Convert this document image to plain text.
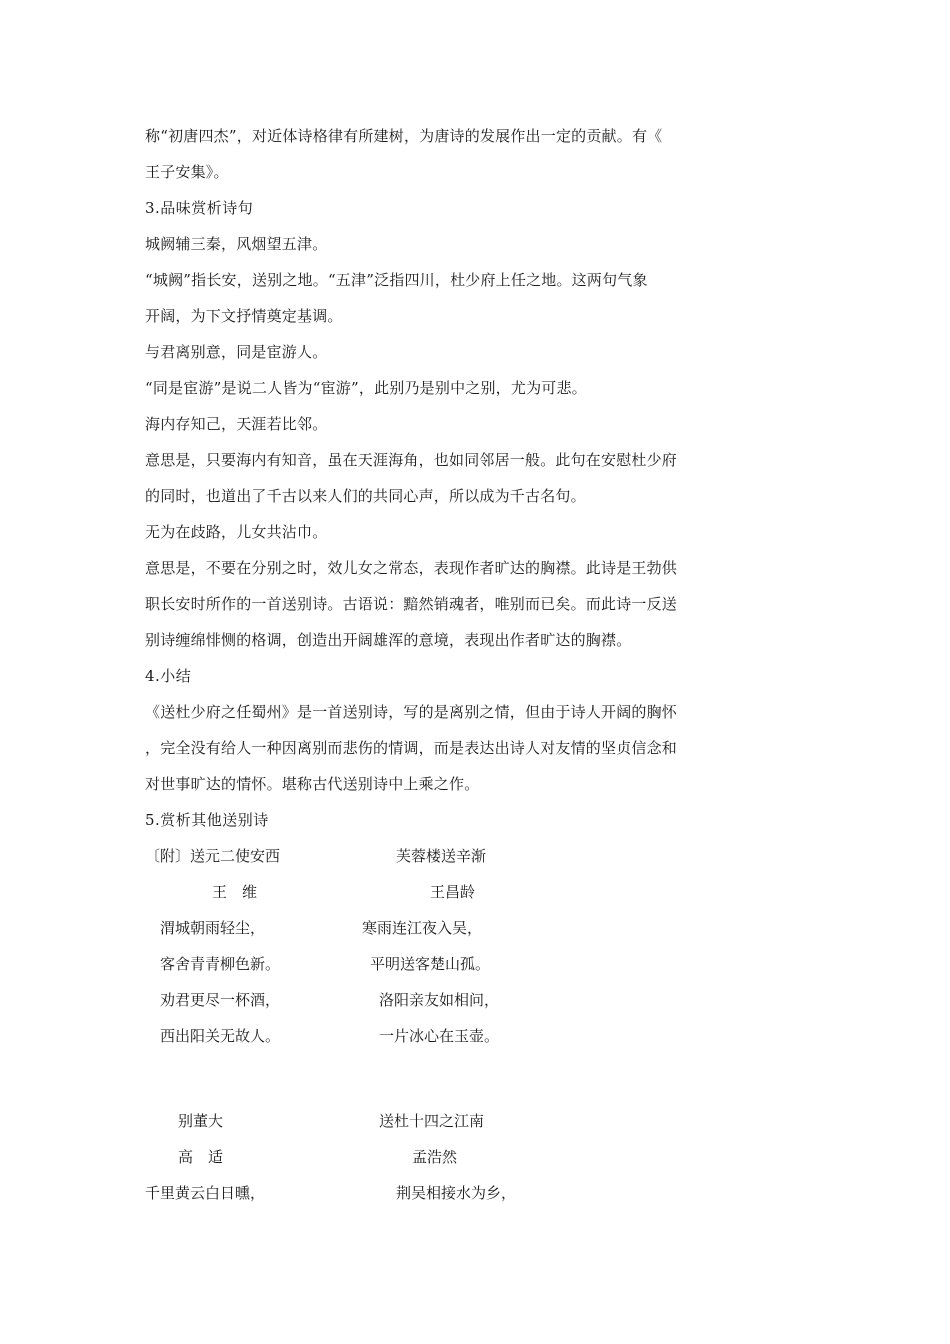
称“初唐四杰”，对近体诗格律有所建树，为唐诗的发展作出一定的贡献。有《
王子安集》。
3.品味赏析诗句
城阙辅三秦，风烟望五津。
“城阙”指长安，送别之地。“五津”泛指四川，杜少府上任之地。这两句气象
开阔，为下文抒情奠定基调。
与君离别意，同是宦游人。
“同是宦游”是说二人皆为“宦游”，此别乃是别中之别，尤为可悲。
海内存知己，天涯若比邻。
意思是，只要海内有知音，虽在天涯海角，也如同邻居一般。此句在安慰杜少府
的同时，也道出了千古以来人们的共同心声，所以成为千古名句。
无为在歧路，儿女共沾巾。
意思是，不要在分别之时，效儿女之常态，表现作者旷达的胸襟。此诗是王勃供
职长安时所作的一首送别诗。古语说：黯然销魂者，唯别而已矣。而此诗一反送
别诗缠绵悱恻的格调，创造出开阔雄浑的意境，表现出作者旷达的胸襟。
4.小结
《送杜少府之任蜀州》是一首送别诗，写的是离别之情，但由于诗人开阔的胸怀
，完全没有给人一种因离别而悲伤的情调，而是表达出诗人对友情的坚贞信念和
对世事旷达的情怀。堪称古代送别诗中上乘之作。
5.赏析其他送别诗
〔附〕送元二使安西
王　维
渭城朝雨轻尘，
客舍青青柳色新。
劝君更尽一杯酒，
西出阳关无故人。
芙蓉楼送辛渐
王昌龄
寒雨连江夜入吴，
平明送客楚山孤。
洛阳亲友如相问，
一片冰心在玉壶。
别董大
高　适
千里黄云白日曛，
送杜十四之江南
孟浩然
荆吴相接水为乡，
